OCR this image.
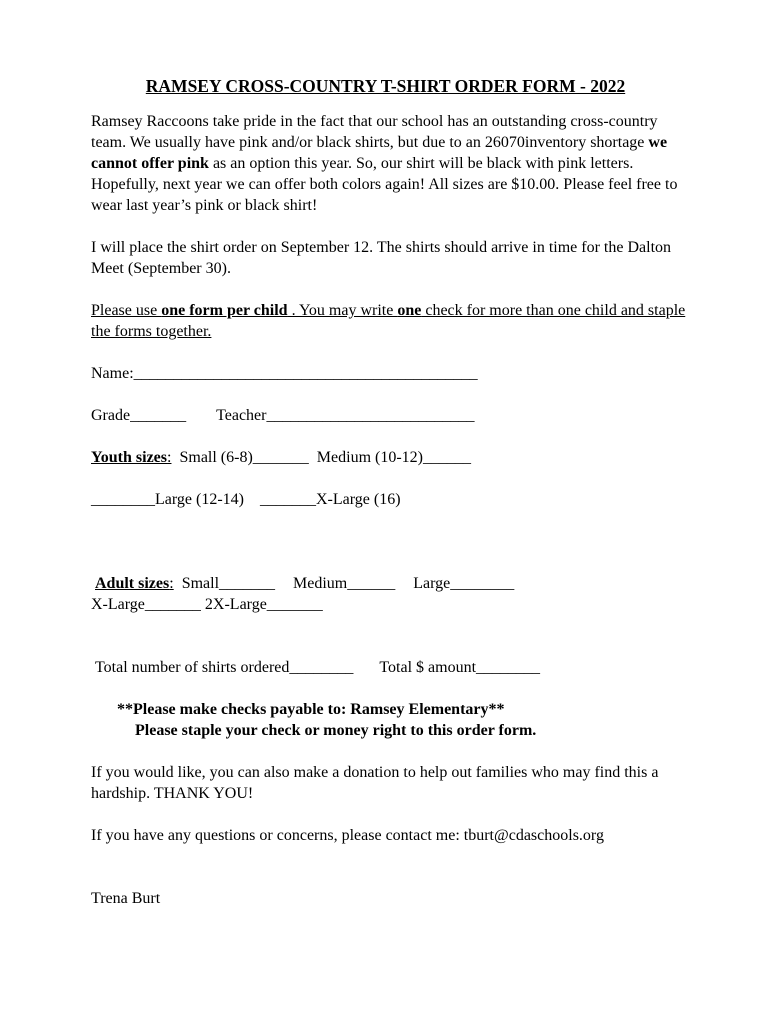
RAMSEY CROSS-COUNTRY T-SHIRT ORDER FORM - 2022

Ramsey Raccoons take pride in the fact that our school has an outstanding cross-country team. We usually have pink and/or black shirts, but due to an 26070inventory shortage we cannot offer pink as an option this year. So, our shirt will be black with pink letters. Hopefully, next year we can offer both colors again! All sizes are $10.00. Please feel free to wear last year’s pink or black shirt!

I will place the shirt order on September 12. The shirts should arrive in time for the Dalton Meet (September 30).

Please use one form per child . You may write one check for more than one child and staple the forms together.

Name:___________________________________________

Grade_______ Teacher__________________________

Youth sizes: Small (6-8)_______ Medium (10-12)______

________Large (12-14) _______X-Large (16)

Adult sizes: Small_______ Medium______ Large________

X-Large_______ 2X-Large_______

Total number of shirts ordered________ Total $ amount________

**Please make checks payable to: Ramsey Elementary**

Please staple your check or money right to this order form.

If you would like, you can also make a donation to help out families who may find this a hardship. THANK YOU!

If you have any questions or concerns, please contact me: tburt@cdaschools.org

Trena Burt
